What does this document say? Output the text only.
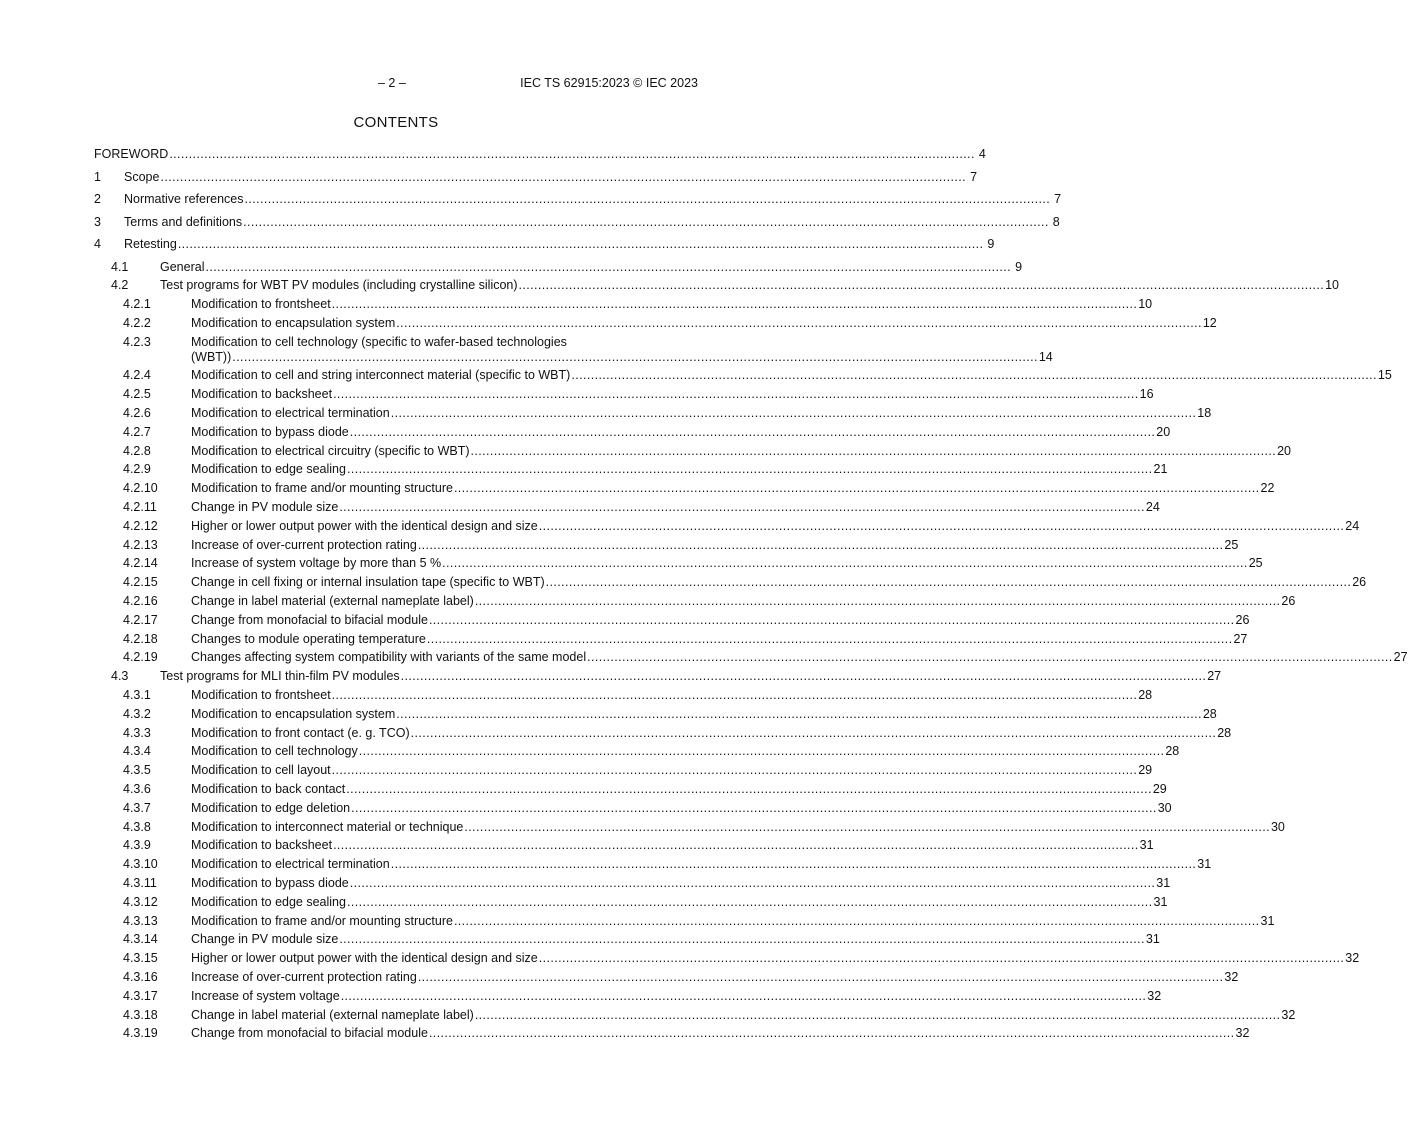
– 2 –	IEC TS 62915:2023 © IEC 2023
CONTENTS
FOREWORD .....	4
1	Scope .....	7
2	Normative references .....	7
3	Terms and definitions .....	8
4	Retesting .....	9
4.1	General .....	9
4.2	Test programs for WBT PV modules (including crystalline silicon) .....	10
4.2.1	Modification to frontsheet .....	10
4.2.2	Modification to encapsulation system .....	12
4.2.3	Modification to cell technology (specific to wafer-based technologies
(WBT)) .....	14
4.2.4	Modification to cell and string interconnect material (specific to WBT) .....	15
4.2.5	Modification to backsheet .....	16
4.2.6	Modification to electrical termination .....	18
4.2.7	Modification to bypass diode .....	20
4.2.8	Modification to electrical circuitry (specific to WBT) .....	20
4.2.9	Modification to edge sealing .....	21
4.2.10	Modification to frame and/or mounting structure .....	22
4.2.11	Change in PV module size .....	24
4.2.12	Higher or lower output power with the identical design and size .....	24
4.2.13	Increase of over-current protection rating .....	25
4.2.14	Increase of system voltage by more than 5 % .....	25
4.2.15	Change in cell fixing or internal insulation tape (specific to WBT) .....	26
4.2.16	Change in label material (external nameplate label) .....	26
4.2.17	Change from monofacial to bifacial module .....	26
4.2.18	Changes to module operating temperature .....	27
4.2.19	Changes affecting system compatibility with variants of the same model .....	27
4.3	Test programs for MLI thin-film PV modules .....	27
4.3.1	Modification to frontsheet .....	28
4.3.2	Modification to encapsulation system .....	28
4.3.3	Modification to front contact (e. g. TCO) .....	28
4.3.4	Modification to cell technology .....	28
4.3.5	Modification to cell layout .....	29
4.3.6	Modification to back contact .....	29
4.3.7	Modification to edge deletion .....	30
4.3.8	Modification to interconnect material or technique .....	30
4.3.9	Modification to backsheet .....	31
4.3.10	Modification to electrical termination .....	31
4.3.11	Modification to bypass diode .....	31
4.3.12	Modification to edge sealing .....	31
4.3.13	Modification to frame and/or mounting structure .....	31
4.3.14	Change in PV module size .....	31
4.3.15	Higher or lower output power with the identical design and size .....	32
4.3.16	Increase of over-current protection rating .....	32
4.3.17	Increase of system voltage .....	32
4.3.18	Change in label material (external nameplate label) .....	32
4.3.19	Change from monofacial to bifacial module .....	32
